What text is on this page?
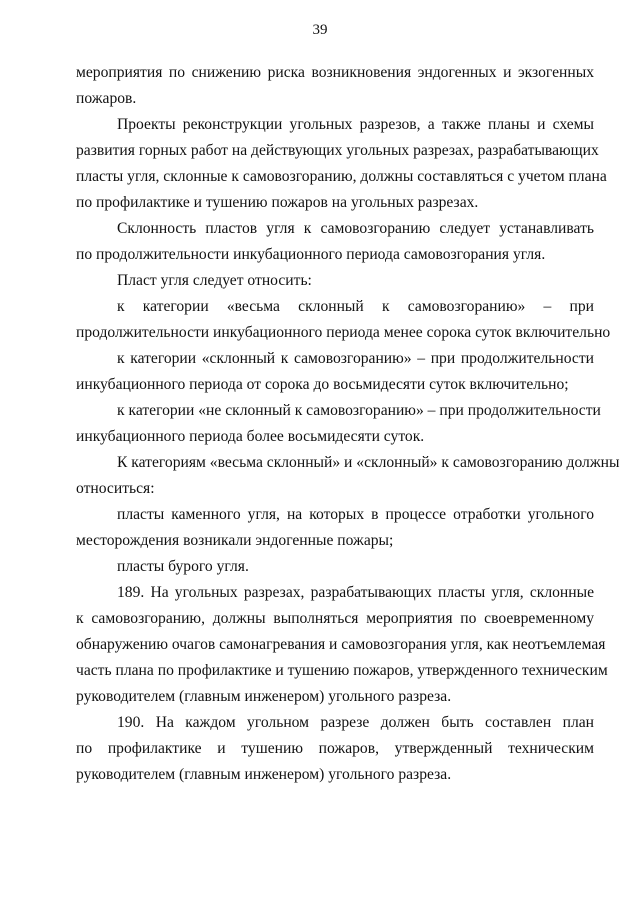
39
мероприятия по снижению риска возникновения эндогенных и экзогенных
пожаров.
Проекты реконструкции угольных разрезов, а также планы и схемы
развития горных работ на действующих угольных разрезах, разрабатывающих
пласты угля, склонные к самовозгоранию, должны составляться с учетом плана
по профилактике и тушению пожаров на угольных разрезах.
Склонность пластов угля к самовозгоранию следует устанавливать
по продолжительности инкубационного периода самовозгорания угля.
Пласт угля следует относить:
к категории «весьма склонный к самовозгоранию» – при
продолжительности инкубационного периода менее сорока суток включительно
к категории «склонный к самовозгоранию» – при продолжительности
инкубационного периода от сорока до восьмидесяти суток включительно;
к категории «не склонный к самовозгоранию» – при продолжительности
инкубационного периода более восьмидесяти суток.
К категориям «весьма склонный» и «склонный» к самовозгоранию должны
относиться:
пласты каменного угля, на которых в процессе отработки угольного
месторождения возникали эндогенные пожары;
пласты бурого угля.
189. На угольных разрезах, разрабатывающих пласты угля, склонные
к самовозгоранию, должны выполняться мероприятия по своевременному
обнаружению очагов самонагревания и самовозгорания угля, как неотъемлемая
часть плана по профилактике и тушению пожаров, утвержденного техническим
руководителем (главным инженером) угольного разреза.
190. На каждом угольном разрезе должен быть составлен план
по профилактике и тушению пожаров, утвержденный техническим
руководителем (главным инженером) угольного разреза.
